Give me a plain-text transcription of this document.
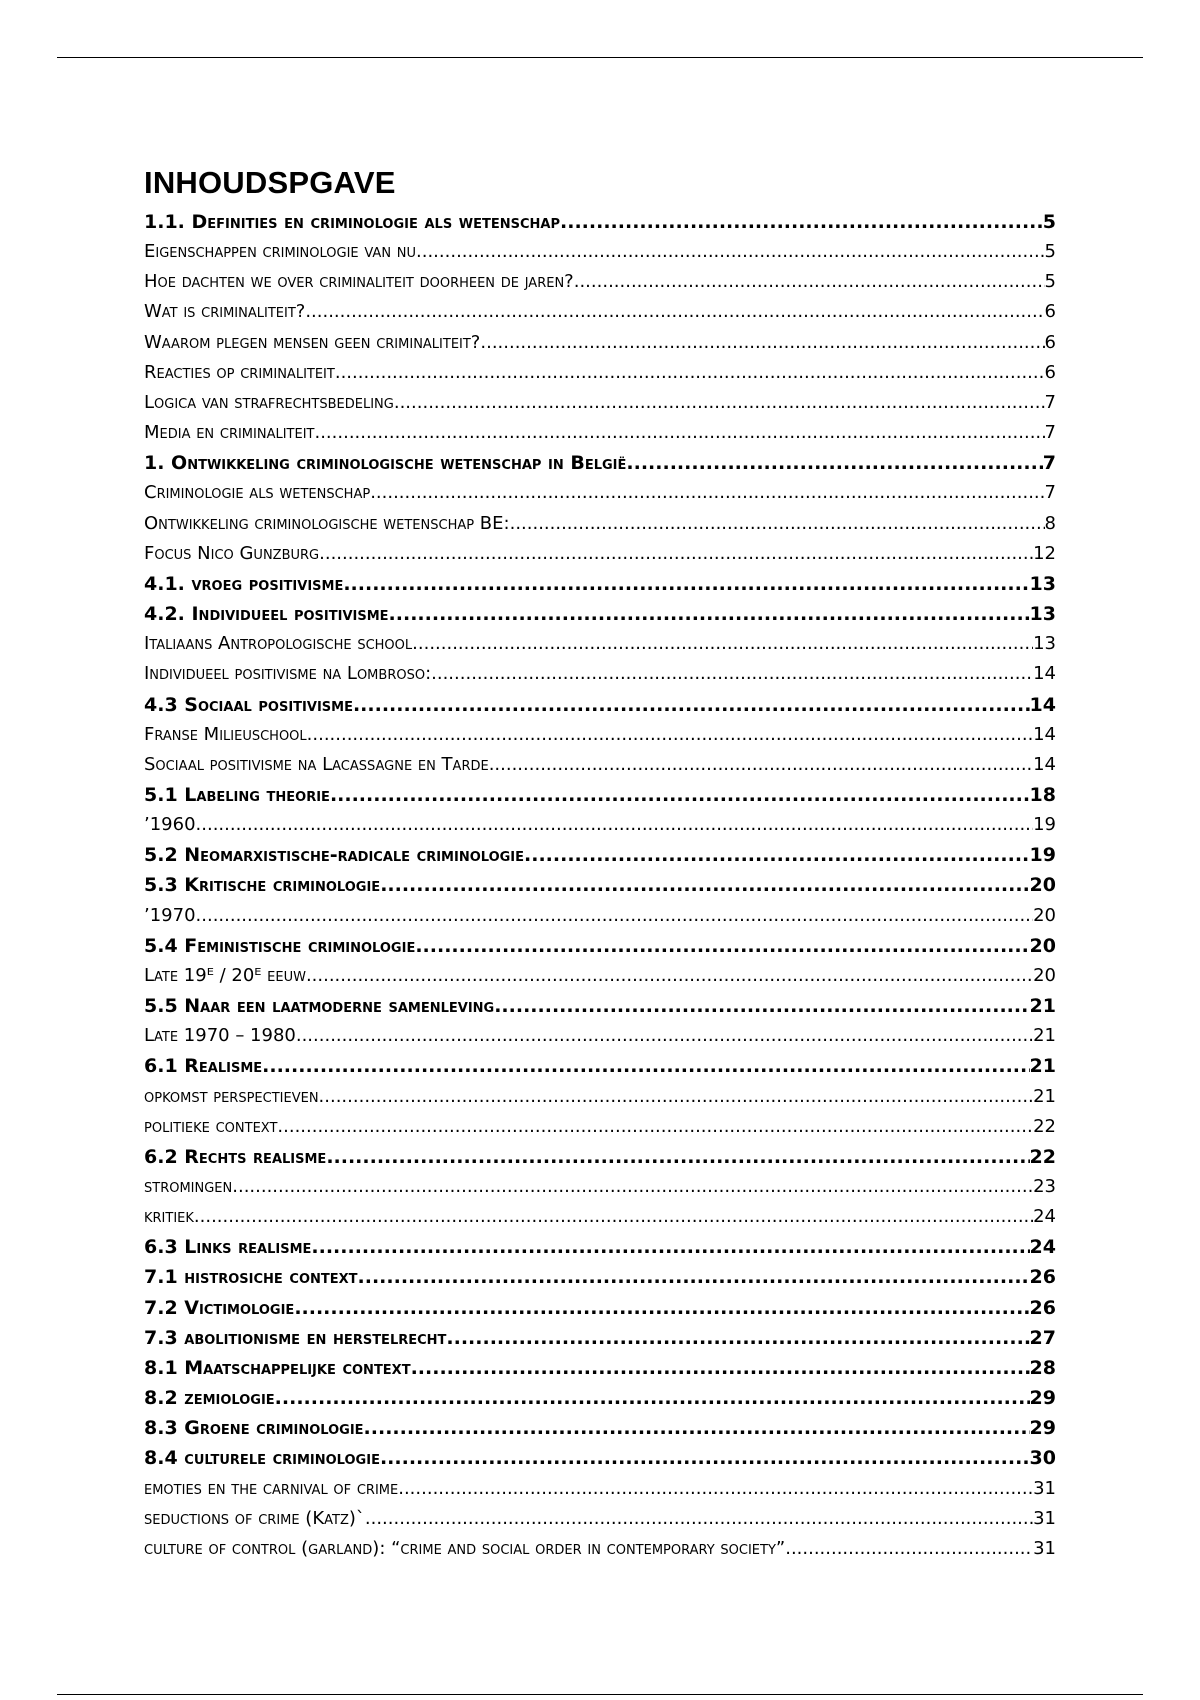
INHOUDSPGAVE
1.1. Definities en criminologie als wetenschap .....	5
Eigenschappen criminologie van nu .....	5
Hoe dachten we over criminaliteit doorheen de jaren? .....	5
Wat is criminaliteit? .....	6
Waarom plegen mensen geen criminaliteit? .....	6
Reacties op criminaliteit .....	6
Logica van strafrechtsbedeling .....	7
Media en criminaliteit .....	7
1. Ontwikkeling criminologische wetenschap in België .....	7
Criminologie als wetenschap .....	7
Ontwikkeling criminologische wetenschap BE: .....	8
Focus Nico Gunzburg .....	12
4.1. vroeg positivisme .....	13
4.2. Individueel positivisme .....	13
Italiaans Antropologische school .....	13
Individueel positivisme na Lombroso: .....	14
4.3 Sociaal positivisme .....	14
Franse Milieuschool .....	14
Sociaal positivisme na Lacassagne en Tarde .....	14
5.1 Labeling theorie .....	18
’1960 .....	19
5.2 Neomarxistische-radicale criminologie .....	19
5.3 Kritische criminologie .....	20
’1970 .....	20
5.4 Feministische criminologie .....	20
Late 19ᴱ / 20ᴱ eeuw .....	20
5.5 Naar een laatmoderne samenleving .....	21
Late 1970 – 1980 .....	21
6.1 Realisme .....	21
opkomst perspectieven .....	21
politieke context .....	22
6.2 Rechts realisme .....	22
stromingen .....	23
kritiek .....	24
6.3 Links realisme .....	24
7.1 histrosiche context .....	26
7.2 Victimologie .....	26
7.3 abolitionisme en herstelrecht .....	27
8.1 Maatschappelijke context .....	28
8.2 zemiologie .....	29
8.3 Groene criminologie .....	29
8.4 culturele criminologie .....	30
emoties en the carnival of crime .....	31
seductions of crime (Katz)` .....	31
culture of control (garland): “crime and social order in contemporary society”. .....	31
